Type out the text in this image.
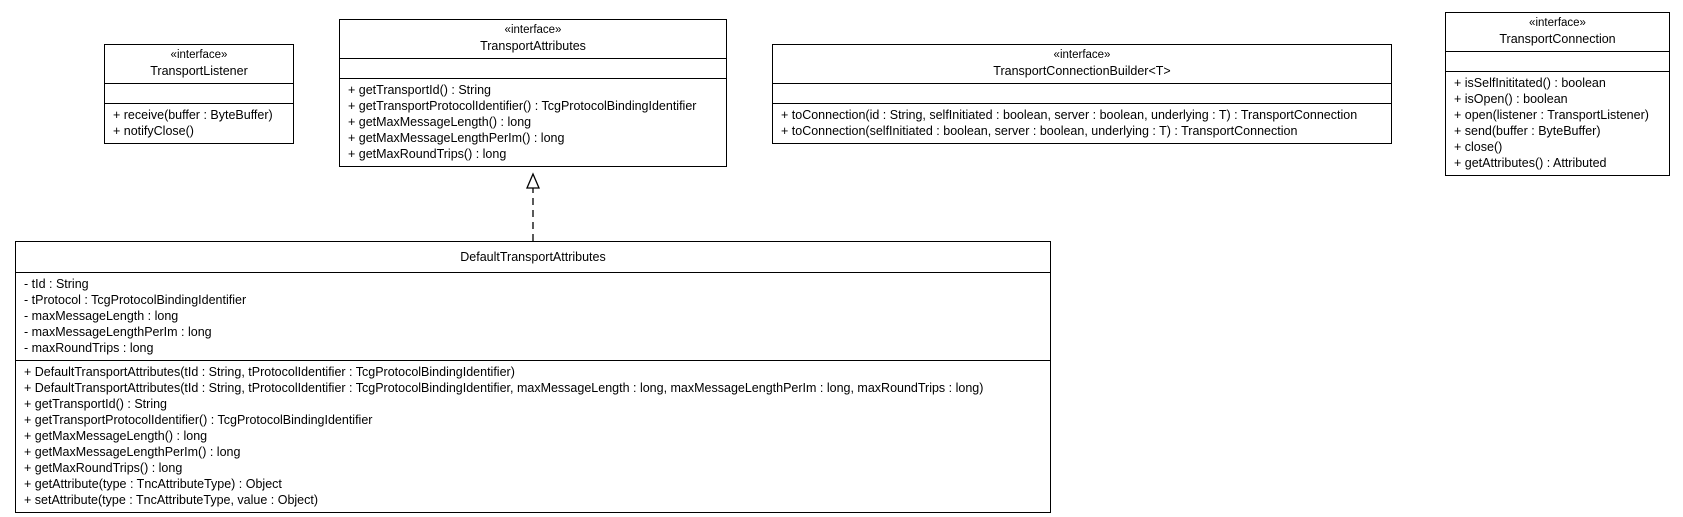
«interface»
TransportListener
+ receive(buffer : ByteBuffer)
+ notifyClose()
«interface»
TransportAttributes
+ getTransportId() : String
+ getTransportProtocolIdentifier() : TcgProtocolBindingIdentifier
+ getMaxMessageLength() : long
+ getMaxMessageLengthPerIm() : long
+ getMaxRoundTrips() : long
«interface»
TransportConnectionBuilder<T>
+ toConnection(id : String, selfInitiated : boolean, server : boolean, underlying : T) : TransportConnection
+ toConnection(selfInitiated : boolean, server : boolean, underlying : T) : TransportConnection
«interface»
TransportConnection
+ isSelfInititated() : boolean
+ isOpen() : boolean
+ open(listener : TransportListener)
+ send(buffer : ByteBuffer)
+ close()
+ getAttributes() : Attributed
DefaultTransportAttributes
- tId : String
- tProtocol : TcgProtocolBindingIdentifier
- maxMessageLength : long
- maxMessageLengthPerIm : long
- maxRoundTrips : long
+ DefaultTransportAttributes(tId : String, tProtocolIdentifier : TcgProtocolBindingIdentifier)
+ DefaultTransportAttributes(tId : String, tProtocolIdentifier : TcgProtocolBindingIdentifier, maxMessageLength : long, maxMessageLengthPerIm : long, maxRoundTrips : long)
+ getTransportId() : String
+ getTransportProtocolIdentifier() : TcgProtocolBindingIdentifier
+ getMaxMessageLength() : long
+ getMaxMessageLengthPerIm() : long
+ getMaxRoundTrips() : long
+ getAttribute(type : TncAttributeType) : Object
+ setAttribute(type : TncAttributeType, value : Object)
